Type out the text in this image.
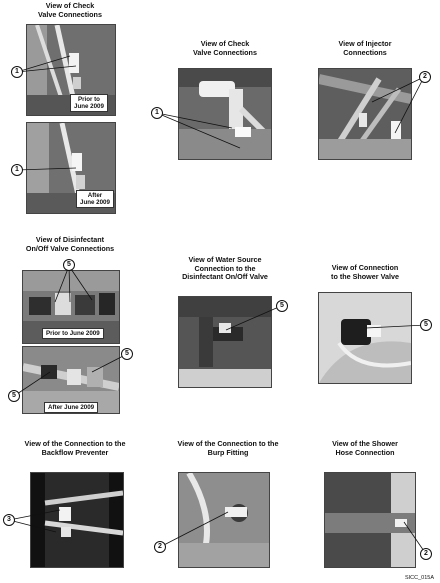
View of Check
Valve Connections
View of Check
Valve Connections
View of Injector
Connections
View of Disinfectant
On/Off Valve Connections
View of Water Source
Connection to the
Disinfectant On/Off Valve
View of Connection
to the Shower Valve
View of the Connection to the
Backflow Preventer
View of the Connection to the
Burp Fitting
View of the Shower
Hose Connection
Prior to
June 2009
After
June 2009
Prior to June 2009
After June 2009
1
1
1
2
5
5
5
5
5
3
2
2
SICC_015A
